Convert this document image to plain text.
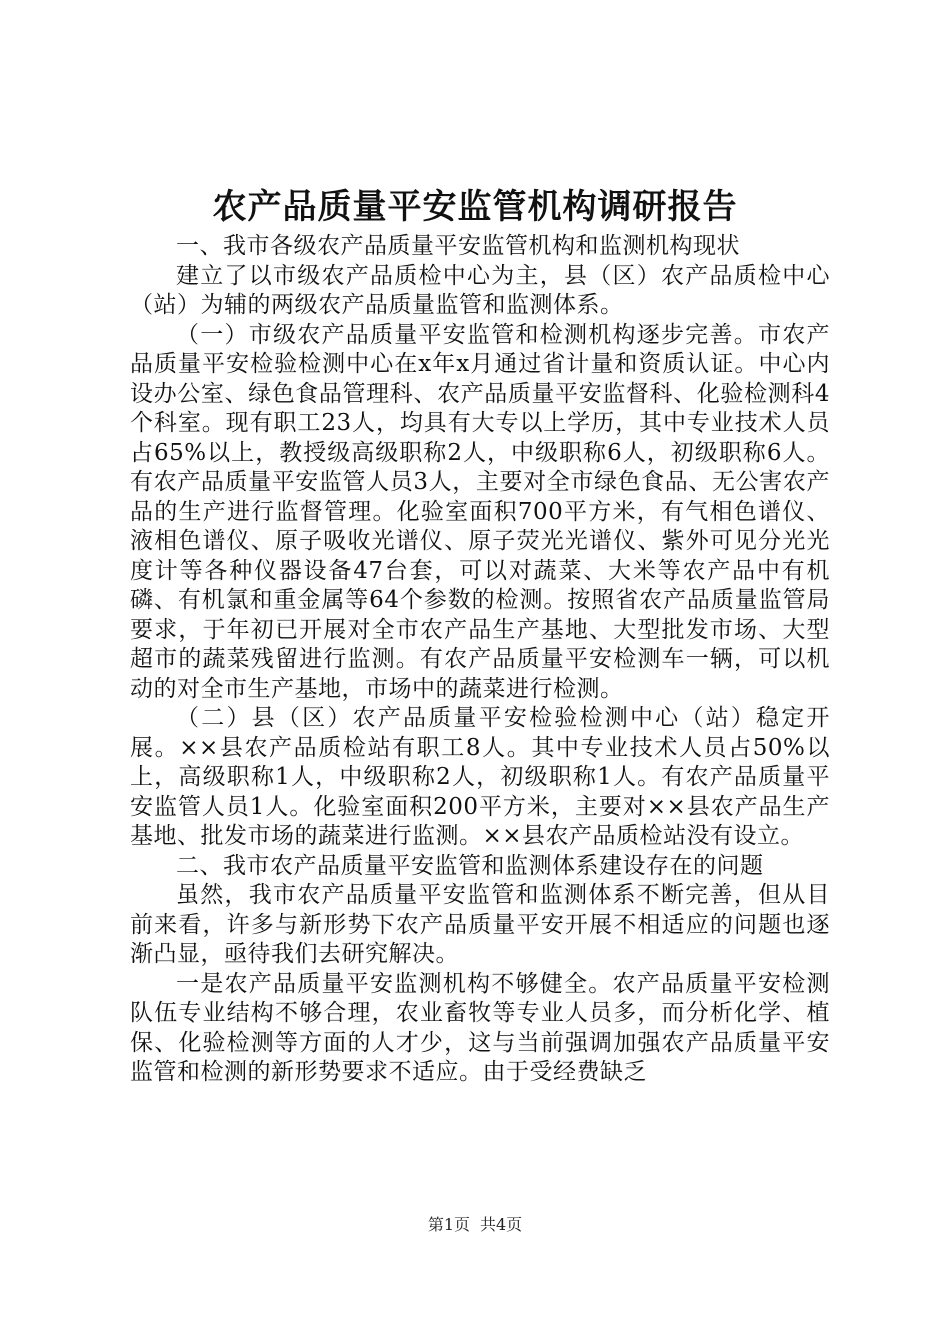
农产品质量平安监管机构调研报告

一、我市各级农产品质量平安监管机构和监测机构现状

建立了以市级农产品质检中心为主，县（区）农产品质检中心（站）为辅的两级农产品质量监管和监测体系。

（一）市级农产品质量平安监管和检测机构逐步完善。市农产品质量平安检验检测中心在x年x月通过省计量和资质认证。中心内设办公室、绿色食品管理科、农产品质量平安监督科、化验检测科4个科室。现有职工23人，均具有大专以上学历，其中专业技术人员占65%以上，教授级高级职称2人，中级职称6人，初级职称6人。有农产品质量平安监管人员3人，主要对全市绿色食品、无公害农产品的生产进行监督管理。化验室面积700平方米，有气相色谱仪、液相色谱仪、原子吸收光谱仪、原子荧光光谱仪、紫外可见分光光度计等各种仪器设备47台套，可以对蔬菜、大米等农产品中有机磷、有机氯和重金属等64个参数的检测。按照省农产品质量监管局要求，于年初已开展对全市农产品生产基地、大型批发市场、大型超市的蔬菜残留进行监测。有农产品质量平安检测车一辆，可以机动的对全市生产基地，市场中的蔬菜进行检测。

（二）县（区）农产品质量平安检验检测中心（站）稳定开展。××县农产品质检站有职工8人。其中专业技术人员占50%以上，高级职称1人，中级职称2人，初级职称1人。有农产品质量平安监管人员1人。化验室面积200平方米，主要对××县农产品生产基地、批发市场的蔬菜进行监测。××县农产品质检站没有设立。

二、我市农产品质量平安监管和监测体系建设存在的问题

虽然，我市农产品质量平安监管和监测体系不断完善，但从目前来看，许多与新形势下农产品质量平安开展不相适应的问题也逐渐凸显，亟待我们去研究解决。

一是农产品质量平安监测机构不够健全。农产品质量平安检测队伍专业结构不够合理，农业畜牧等专业人员多，而分析化学、植保、化验检测等方面的人才少，这与当前强调加强农产品质量平安监管和检测的新形势要求不适应。由于受经费缺乏

第1页 共4页
